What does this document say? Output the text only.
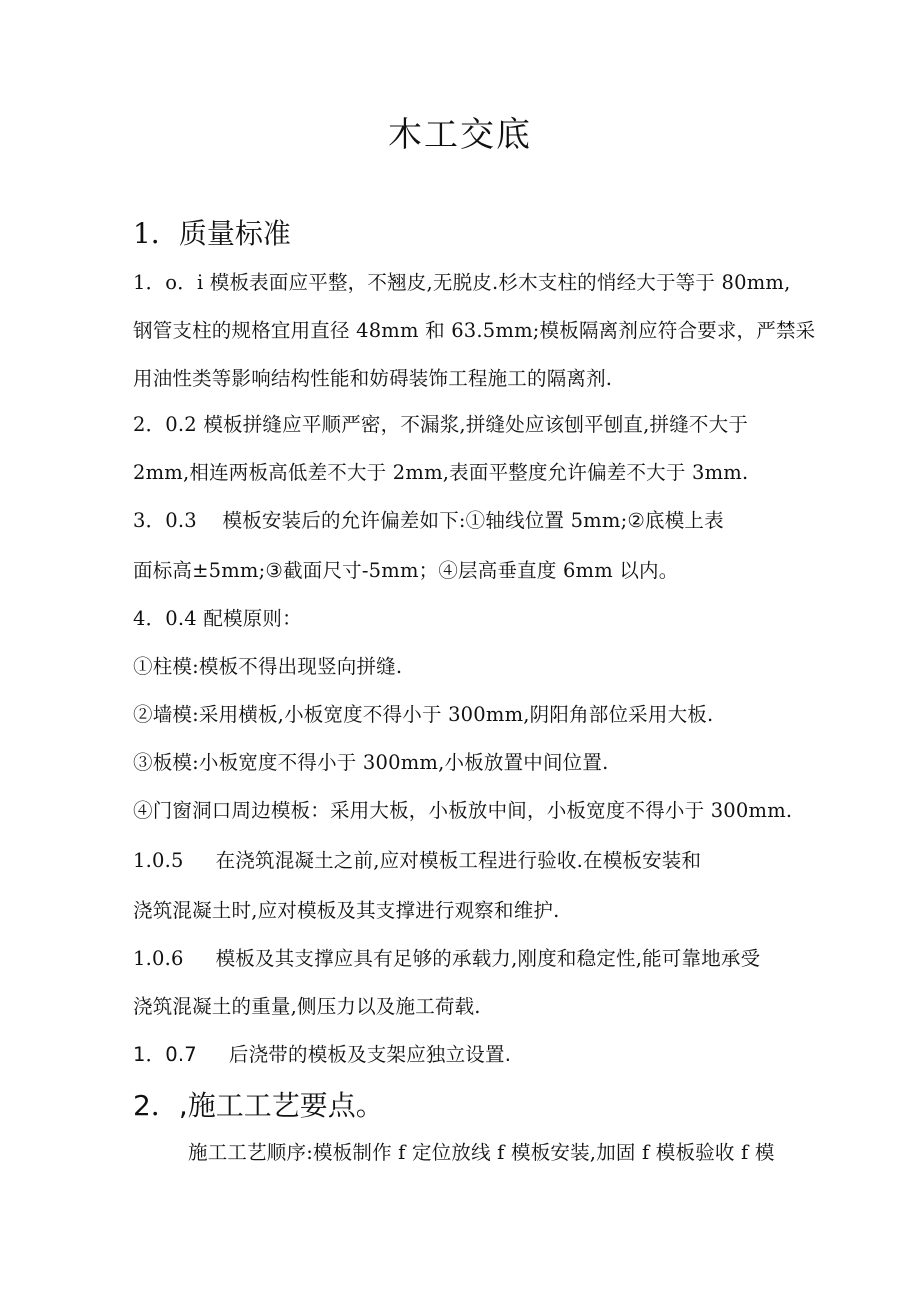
木工交底
1．质量标准
1．o．i 模板表面应平整，不翘皮,无脱皮.杉木支柱的悄经大于等于 80mm,
钢管支柱的规格宜用直径 48mm 和 63.5mm;模板隔离剂应符合要求，严禁采
用油性类等影响结构性能和妨碍装饰工程施工的隔离剂.
2．0.2 模板拼缝应平顺严密，不漏浆,拼缝处应该刨平刨直,拼缝不大于
2mm,相连两板高低差不大于 2mm,表面平整度允许偏差不大于 3mm.
3．0.3    模板安装后的允许偏差如下:①轴线位置 5mm;②底模上表
面标高±5mm;③截面尺寸-5mm；④层高垂直度 6mm 以内。
4．0.4 配模原则：
①柱模:模板不得出现竖向拼缝.
②墙模:采用横板,小板宽度不得小于 300mm,阴阳角部位采用大板.
③板模:小板宽度不得小于 300mm,小板放置中间位置.
④门窗洞口周边模板：采用大板，小板放中间，小板宽度不得小于 300mm.
1.0.5     在浇筑混凝土之前,应对模板工程进行验收.在模板安装和
浇筑混凝土时,应对模板及其支撑进行观察和维护.
1.0.6     模板及其支撑应具有足够的承载力,刚度和稳定性,能可靠地承受
浇筑混凝土的重量,侧压力以及施工荷载.
1．0.7     后浇带的模板及支架应独立设置.
2．,施工工艺要点。
施工工艺顺序:模板制作 f 定位放线 f 模板安装,加固 f 模板验收 f 模
